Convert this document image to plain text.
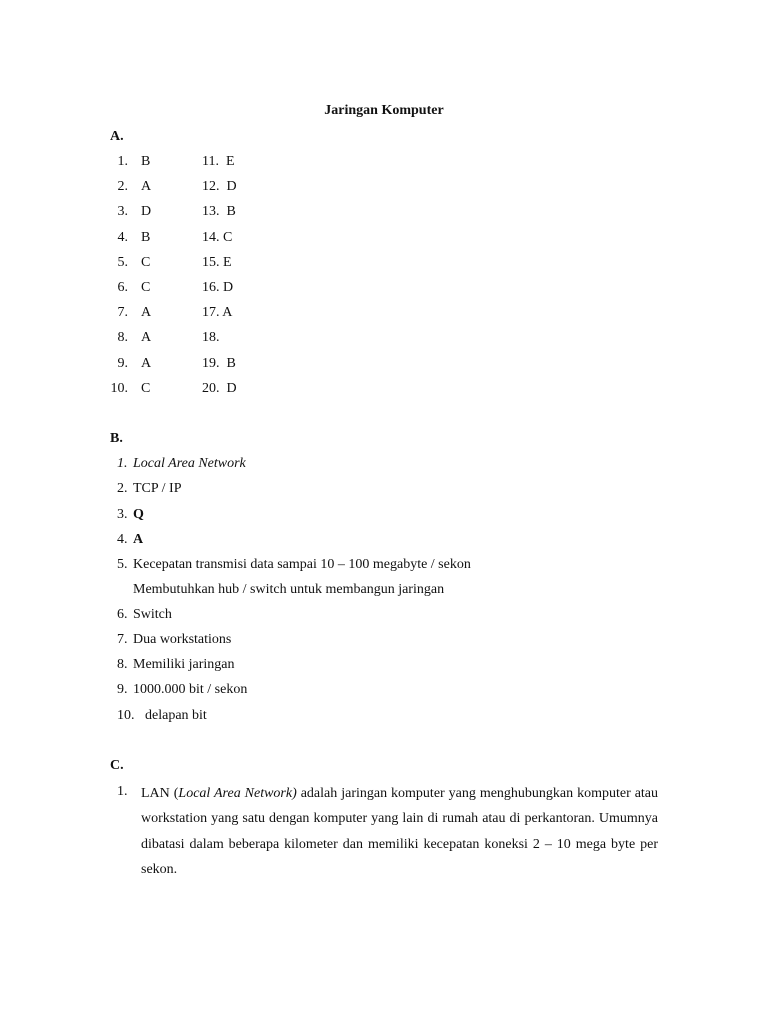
Jaringan Komputer
A.
1. B
2. A
3. D
4. B
5. C
6. C
7. A
8. A
9. A
10. C
11.  E
12.  D
13.  B
14. C
15. E
16. D
17. A
18.
19.  B
20.  D
B.
1. Local Area Network
2. TCP / IP
3. Q
4. A
5. Kecepatan transmisi data sampai 10 – 100 megabyte / sekon
Membutuhkan hub / switch untuk membangun jaringan
6. Switch
7. Dua workstations
8. Memiliki jaringan
9. 1000.000 bit / sekon
10. delapan bit
C.
1. LAN (Local Area Network) adalah jaringan komputer yang menghubungkan komputer atau workstation yang satu dengan komputer yang lain di rumah atau di perkantoran. Umumnya dibatasi dalam beberapa kilometer dan memiliki kecepatan koneksi 2 – 10 mega byte per sekon.
